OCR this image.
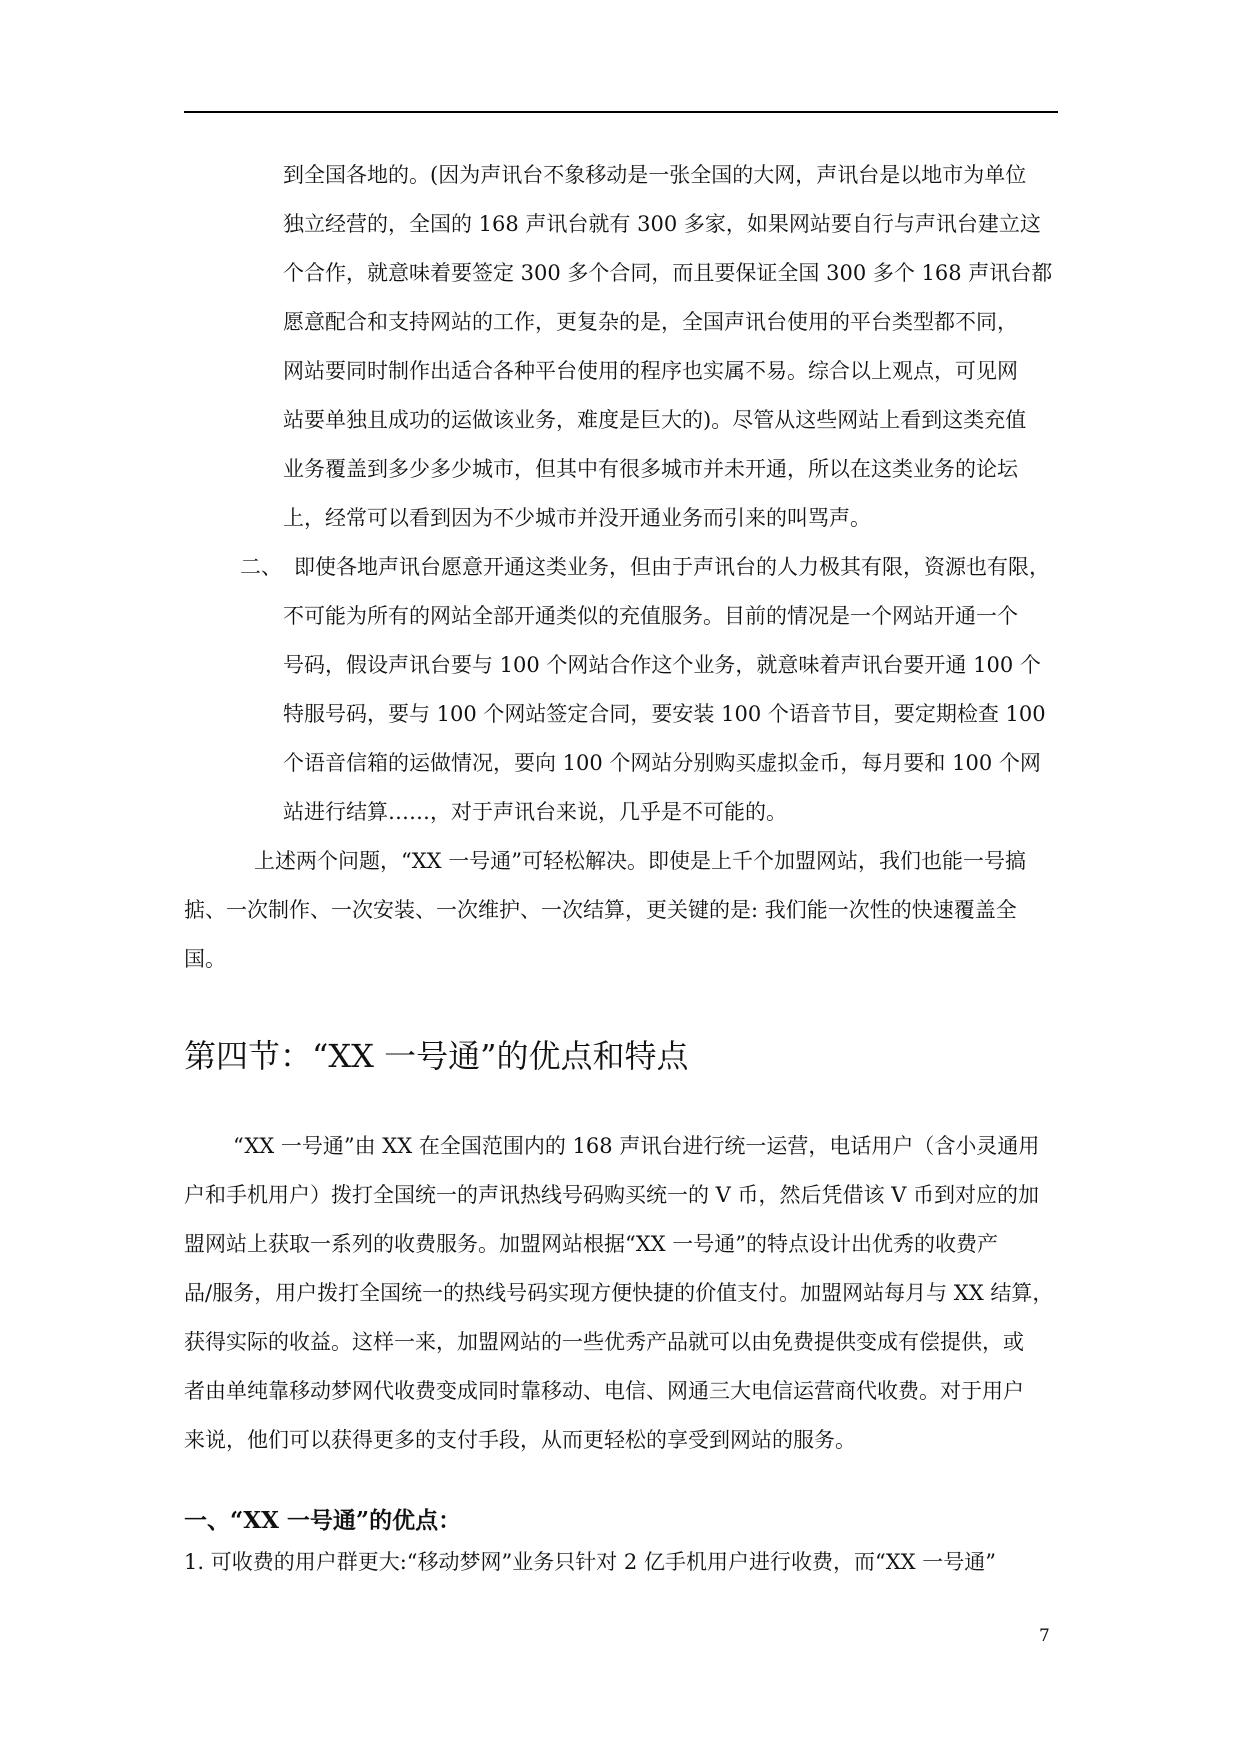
到全国各地的。(因为声讯台不象移动是一张全国的大网，声讯台是以地市为单位
独立经营的，全国的 168 声讯台就有 300 多家，如果网站要自行与声讯台建立这
个合作，就意味着要签定 300 多个合同，而且要保证全国 300 多个 168 声讯台都
愿意配合和支持网站的工作，更复杂的是，全国声讯台使用的平台类型都不同，
网站要同时制作出适合各种平台使用的程序也实属不易。综合以上观点，可见网
站要单独且成功的运做该业务，难度是巨大的)。尽管从这些网站上看到这类充值
业务覆盖到多少多少城市，但其中有很多城市并未开通，所以在这类业务的论坛
上，经常可以看到因为不少城市并没开通业务而引来的叫骂声。
二、 即使各地声讯台愿意开通这类业务，但由于声讯台的人力极其有限，资源也有限，
不可能为所有的网站全部开通类似的充值服务。目前的情况是一个网站开通一个
号码，假设声讯台要与 100 个网站合作这个业务，就意味着声讯台要开通 100 个
特服号码，要与 100 个网站签定合同，要安装 100 个语音节目，要定期检查 100
个语音信箱的运做情况，要向 100 个网站分别购买虚拟金币，每月要和 100 个网
站进行结算……，对于声讯台来说，几乎是不可能的。
上述两个问题，“XX 一号通”可轻松解决。即使是上千个加盟网站，我们也能一号搞
掂、一次制作、一次安装、一次维护、一次结算，更关键的是: 我们能一次性的快速覆盖全
国。
第四节：“XX 一号通”的优点和特点
“XX 一号通”由 XX 在全国范围内的 168 声讯台进行统一运营，电话用户（含小灵通用
户和手机用户）拨打全国统一的声讯热线号码购买统一的 V 币，然后凭借该 V 币到对应的加
盟网站上获取一系列的收费服务。加盟网站根据“XX 一号通”的特点设计出优秀的收费产
品/服务，用户拨打全国统一的热线号码实现方便快捷的价值支付。加盟网站每月与 XX 结算，
获得实际的收益。这样一来，加盟网站的一些优秀产品就可以由免费提供变成有偿提供，或
者由单纯靠移动梦网代收费变成同时靠移动、电信、网通三大电信运营商代收费。对于用户
来说，他们可以获得更多的支付手段，从而更轻松的享受到网站的服务。
一、“XX 一号通”的优点：
1. 可收费的用户群更大:“移动梦网”业务只针对 2 亿手机用户进行收费，而“XX 一号通”
7
